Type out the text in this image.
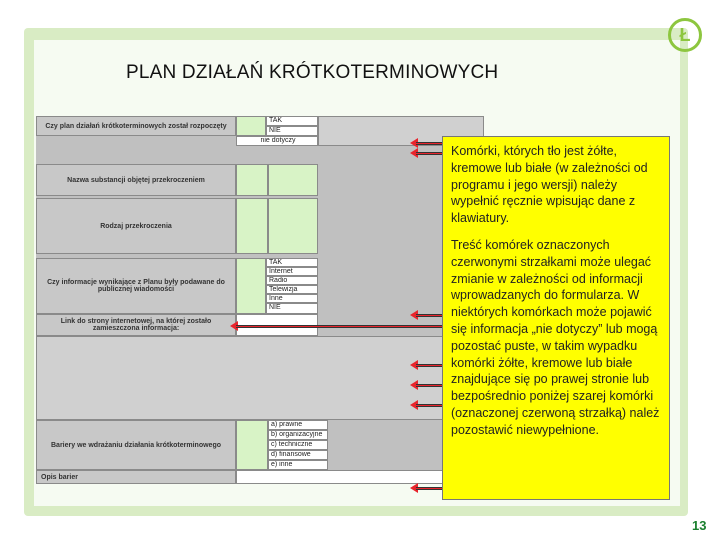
Ł
PLAN DZIAŁAŃ KRÓTKOTERMINOWYCH
Czy plan działań krótkoterminowych został rozpoczęty
TAK
NIE
nie dotyczy
Nazwa substancji objętej przekroczeniem
Rodzaj przekroczenia
Czy informacje wynikające z Planu były podawane do publicznej wiadomości
TAK
Internet
Radio
Telewizja
Inne
NIE
Link do strony internetowej, na której zostało zamieszczona informacja:
Bariery we wdrażaniu działania krótkoterminowego
a) prawne
b) organizacyjne
c) techniczne
d) finansowe
e) inne
Opis barier

Komórki, których tło jest żółte, kremowe lub białe (w zależności od programu i jego wersji) należy wypełnić ręcznie wpisując dane z klawiatury.

Treść komórek oznaczonych czerwonymi strzałkami może ulegać zmianie w zależności od informacji wprowadzanych do formularza. W niektórych komórkach może pojawić się informacja „nie dotyczy” lub mogą pozostać puste, w takim wypadku komórki żółte, kremowe lub białe znajdujące się po prawej stronie lub bezpośrednio poniżej szarej komórki (oznaczonej czerwoną strzałką) należ pozostawić niewypełnione.

13
